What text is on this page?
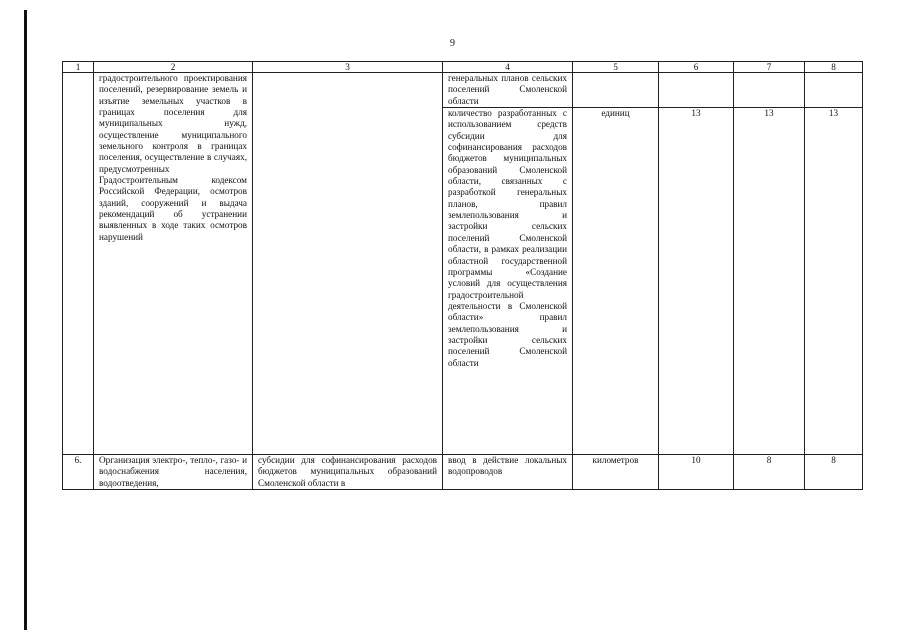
9
1	2	3	4	5	6	7	8
	градостроительного проектирования поселений, резервирование земель и изъятие земельных участков в границах поселения для муниципальных нужд, осуществление муниципального земельного контроля в границах поселения, осуществление в случаях, предусмотренных Градостроительным кодексом Российской Федерации, осмотров зданий, сооружений и выдача рекомендаций об устранении выявленных в ходе таких осмотров нарушений		генеральных планов сельских поселений Смоленской области				
			количество разработанных с использованием средств субсидии для софинансирования расходов бюджетов муниципальных образований Смоленской области, связанных с разработкой генеральных планов, правил землепользования и застройки сельских поселений Смоленской области, в рамках реализации областной государственной программы «Создание условий для осуществления градостроительной деятельности в Смоленской области» правил землепользования и застройки сельских поселений Смоленской области	единиц	13	13	13
6.	Организация электро-, тепло-, газо- и водоснабжения населения, водоотведения,	субсидии для софинансирования расходов бюджетов муниципальных образований Смоленской области в	ввод в действие локальных водопроводов	километров	10	8	8
